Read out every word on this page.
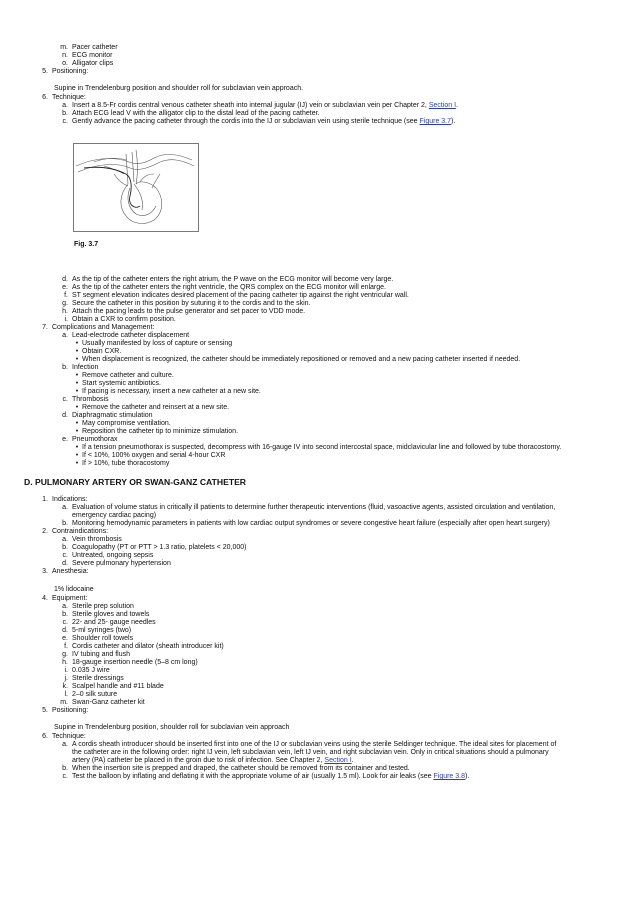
m. Pacer catheter
n. ECG monitor
o. Alligator clips
5. Positioning:
Supine in Trendelenburg position and shoulder roll for subclavian vein approach.
6. Technique:
a. Insert a 8.5-Fr cordis central venous catheter sheath into internal jugular (IJ) vein or subclavian vein per Chapter 2, Section I.
b. Attach ECG lead V with the alligator clip to the distal lead of the pacing catheter.
c. Gently advance the pacing catheter through the cordis into the IJ or subclavian vein using sterile technique (see Figure 3.7).
Fig. 3.7
d. As the tip of the catheter enters the right atrium, the P wave on the ECG monitor will become very large.
e. As the tip of the catheter enters the right ventricle, the QRS complex on the ECG monitor will enlarge.
f. ST segment elevation indicates desired placement of the pacing catheter tip against the right ventricular wall.
g. Secure the catheter in this position by suturing it to the cordis and to the skin.
h. Attach the pacing leads to the pulse generator and set pacer to VDD mode.
i. Obtain a CXR to confirm position.
7. Complications and Management:
a. Lead-electrode catheter displacement
• Usually manifested by loss of capture or sensing
• Obtain CXR.
• When displacement is recognized, the catheter should be immediately repositioned or removed and a new pacing catheter inserted if needed.
b. Infection
• Remove catheter and culture.
• Start systemic antibiotics.
• If pacing is necessary, insert a new catheter at a new site.
c. Thrombosis
• Remove the catheter and reinsert at a new site.
d. Diaphragmatic stimulation
• May compromise ventilation.
• Reposition the catheter tip to minimize stimulation.
e. Pneumothorax
• If a tension pneumothorax is suspected, decompress with 16-gauge IV into second intercostal space, midclavicular line and followed by tube thoracostomy.
• If < 10%, 100% oxygen and serial 4-hour CXR
• If > 10%, tube thoracostomy
D. PULMONARY ARTERY OR SWAN-GANZ CATHETER
1. Indications:
a. Evaluation of volume status in critically ill patients to determine further therapeutic interventions (fluid, vasoactive agents, assisted circulation and ventilation,
emergency cardiac pacing)
b. Monitoring hemodynamic parameters in patients with low cardiac output syndromes or severe congestive heart failure (especially after open heart surgery)
2. Contraindications:
a. Vein thrombosis
b. Coagulopathy (PT or PTT > 1.3 ratio, platelets < 20,000)
c. Untreated, ongoing sepsis
d. Severe pulmonary hypertension
3. Anesthesia:
1% lidocaine
4. Equipment:
a. Sterile prep solution
b. Sterile gloves and towels
c. 22- and 25- gauge needles
d. 5-ml syringes (two)
e. Shoulder roll towels
f. Cordis catheter and dilator (sheath introducer kit)
g. IV tubing and flush
h. 18-gauge insertion needle (5–8 cm long)
i. 0.035 J wire
j. Sterile dressings
k. Scalpel handle and #11 blade
l. 2–0 silk suture
m. Swan-Ganz catheter kit
5. Positioning:
Supine in Trendelenburg position, shoulder roll for subclavian vein approach
6. Technique:
a. A cordis sheath introducer should be inserted first into one of the IJ or subclavian veins using the sterile Seldinger technique. The ideal sites for placement of
the catheter are in the following order: right IJ vein, left subclavian vein, left IJ vein, and right subclavian vein. Only in critical situations should a pulmonary
artery (PA) catheter be placed in the groin due to risk of infection. See Chapter 2, Section I.
b. When the insertion site is prepped and draped, the catheter should be removed from its container and tested.
c. Test the balloon by inflating and deflating it with the appropriate volume of air (usually 1.5 ml). Look for air leaks (see Figure 3.8).
